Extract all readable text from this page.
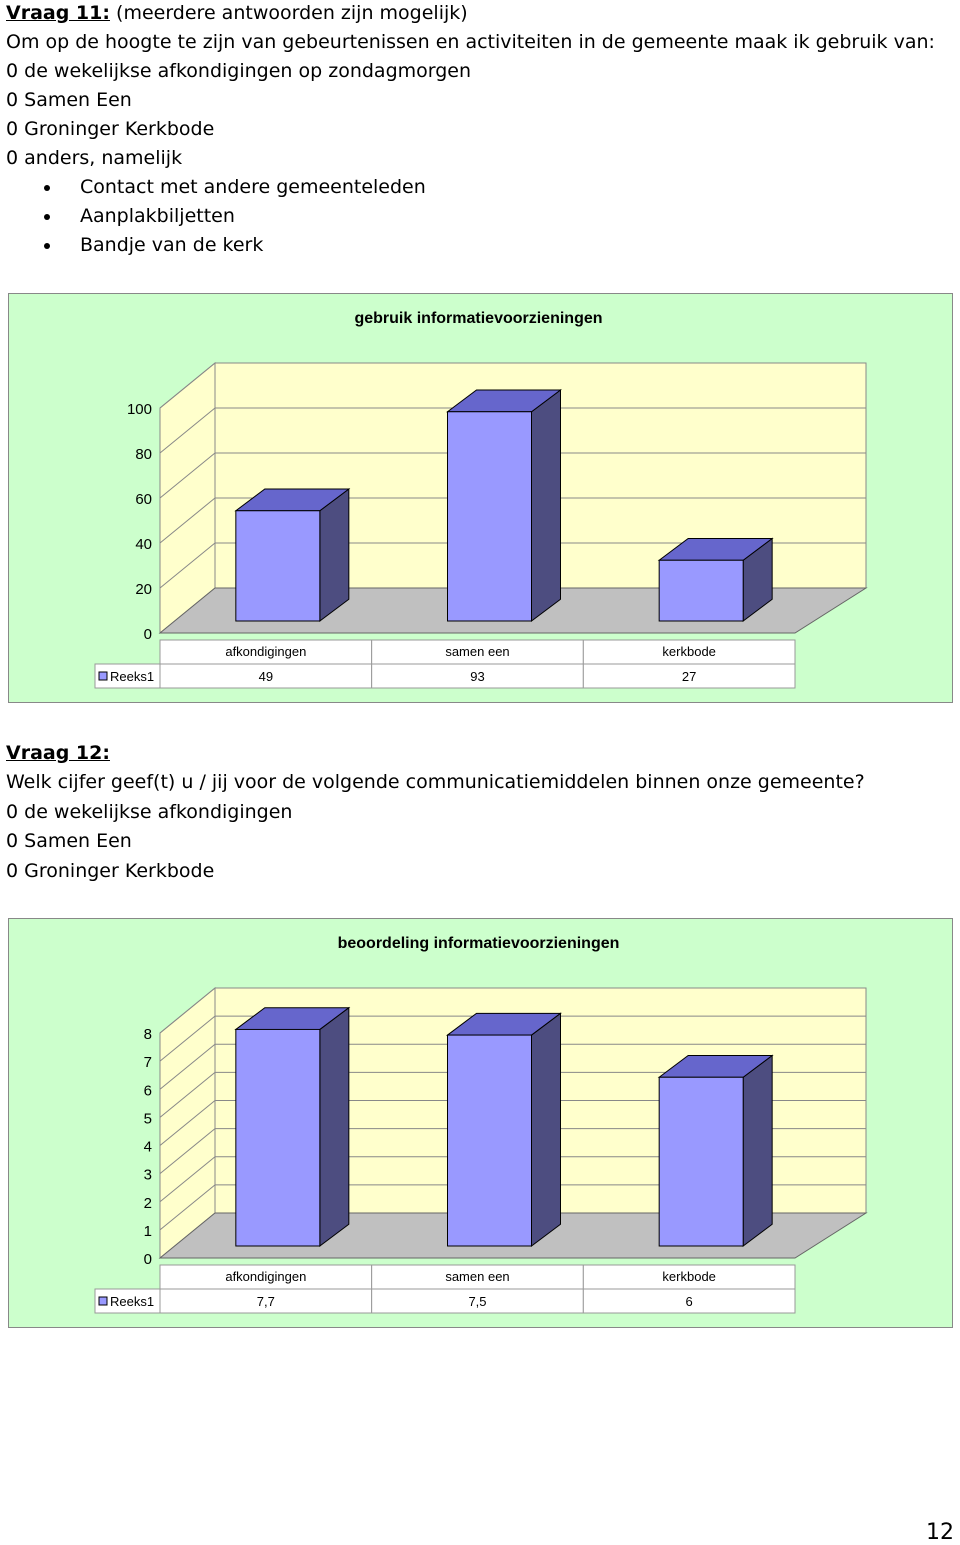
Vraag 11: (meerdere antwoorden zijn mogelijk)
Om op de hoogte te zijn van gebeurtenissen en activiteiten in de gemeente maak ik gebruik van:
0 de wekelijkse afkondigingen op zondagmorgen
0 Samen Een
0 Groninger Kerkbode
0 anders, namelijk
Contact met andere gemeenteleden
Aanplakbiljetten
Bandje van de kerk
gebruik informatievoorzieningen
0
20
40
60
80
100
afkondigingen	samen een	kerkbode
Reeks1	49	93	27
Vraag 12:
Welk cijfer geef(t) u / jij voor de volgende communicatiemiddelen binnen onze gemeente?
0 de wekelijkse afkondigingen
0 Samen Een
0 Groninger Kerkbode
beoordeling informatievoorzieningen
0
1
2
3
4
5
6
7
8
afkondigingen	samen een	kerkbode
Reeks1	7,7	7,5	6
12
